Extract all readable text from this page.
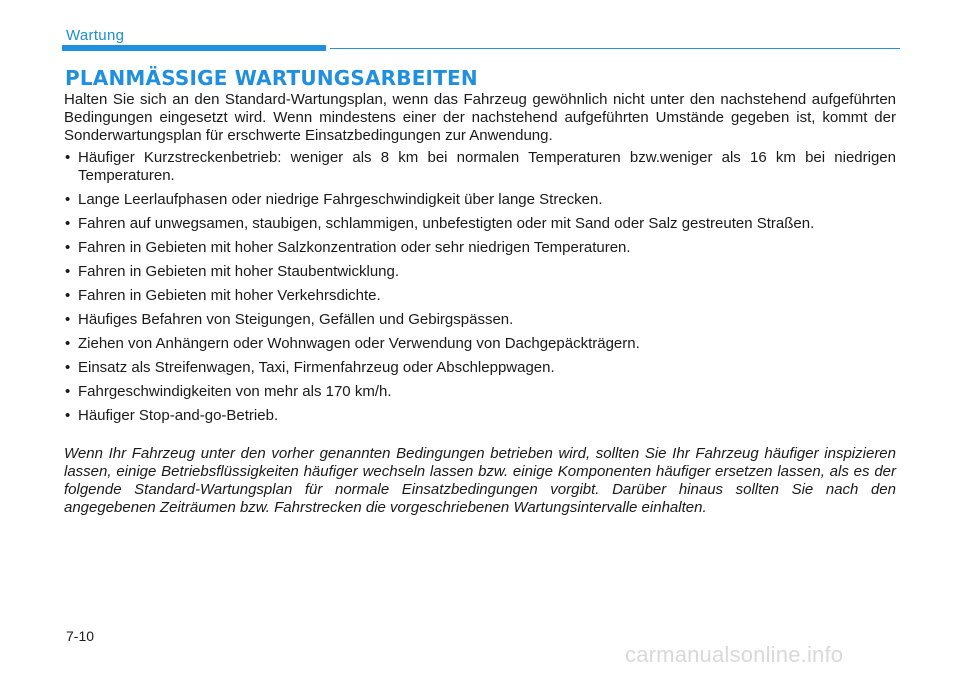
Wartung
PLANMÄSSIGE WARTUNGSARBEITEN

Halten Sie sich an den Standard-Wartungsplan, wenn das Fahrzeug gewöhnlich nicht unter den nachstehend aufgeführten Bedingungen eingesetzt wird. Wenn mindestens einer der nachstehend aufgeführten Umstände gegeben ist, kommt der Sonderwartungsplan für erschwerte Einsatzbedingungen zur Anwendung.

• Häufiger Kurzstreckenbetrieb: weniger als 8 km bei normalen Temperaturen bzw.weniger als 16 km bei niedrigen Temperaturen.
• Lange Leerlaufphasen oder niedrige Fahrgeschwindigkeit über lange Strecken.
• Fahren auf unwegsamen, staubigen, schlammigen, unbefestigten oder mit Sand oder Salz gestreuten Straßen.
• Fahren in Gebieten mit hoher Salzkonzentration oder sehr niedrigen Temperaturen.
• Fahren in Gebieten mit hoher Staubentwicklung.
• Fahren in Gebieten mit hoher Verkehrsdichte.
• Häufiges Befahren von Steigungen, Gefällen und Gebirgspässen.
• Ziehen von Anhängern oder Wohnwagen oder Verwendung von Dachgepäckträgern.
• Einsatz als Streifenwagen, Taxi, Firmenfahrzeug oder Abschleppwagen.
• Fahrgeschwindigkeiten von mehr als 170 km/h.
• Häufiger Stop-and-go-Betrieb.

Wenn Ihr Fahrzeug unter den vorher genannten Bedingungen betrieben wird, sollten Sie Ihr Fahrzeug häufiger inspizieren lassen, einige Betriebsflüssigkeiten häufiger wechseln lassen bzw. einige Komponenten häufiger ersetzen lassen, als es der folgende Standard-Wartungsplan für normale Einsatzbedingungen vorgibt. Darüber hinaus sollten Sie nach den angegebenen Zeiträumen bzw. Fahrstrecken die vorgeschriebenen Wartungsintervalle einhalten.

7-10
carmanualsonline.info
